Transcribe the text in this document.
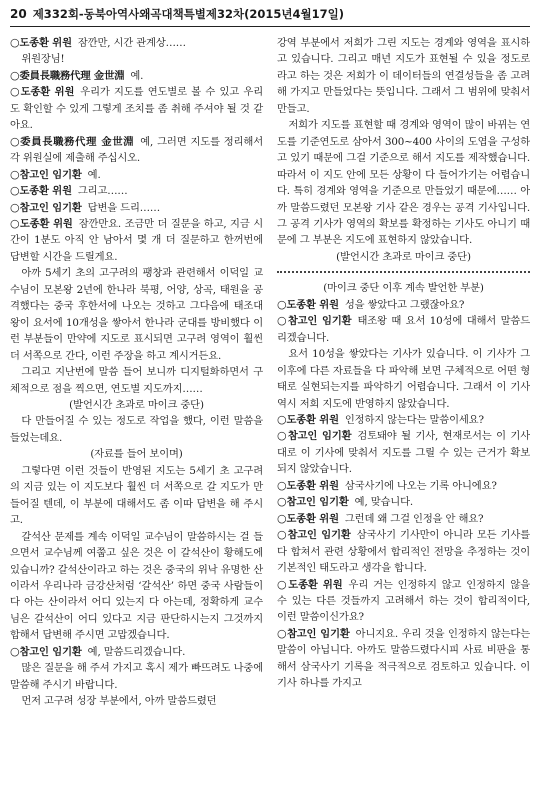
20 제332회-동북아역사왜곡대책특별제32차(2015년4월17일)

○도종환 위원 잠깐만, 시간 관계상……

위원장님!

○委員長職務代理 金世淵 예.

○도종환 위원 우리가 지도를 연도별로 볼 수 있고 우리도 확인할 수 있게 그렇게 조치를 좀 취해 주셔야 될 것 같아요.

○委員長職務代理 金世淵 예, 그러면 지도를 정리해서 각 위원실에 제출해 주십시오.

○참고인 임기환 예.

○도종환 위원 그리고……

○참고인 임기환 답변을 드리……

○도종환 위원 잠깐만요. 조금만 더 질문을 하고, 지금 시간이 1분도 아직 안 남아서 몇 개 더 질문하고 한꺼번에 답변할 시간을 드릴게요.

아까 5세기 초의 고구려의 팽창과 관련해서 이덕일 교수님이 모본왕 2년에 한나라 북평, 어양, 상곡, 태원을 공격했다는 중국 후한서에 나오는 것하고 그다음에 태조대왕이 요서에 10개성을 쌓아서 한나라 군대를 방비했다 이런 부분들이 만약에 지도로 표시되면 고구려 영역이 훨씬 더 서쪽으로 간다, 이런 주장을 하고 계시거든요.

그리고 지난번에 말씀 들어 보니까 디지털화하면서 구체적으로 점을 찍으면, 연도별 지도까지……

(발언시간 초과로 마이크 중단)

다 만들어질 수 있는 정도로 작업을 했다, 이런 말씀을 들었는데요.

(자료를 들어 보이며)

그렇다면 이런 것들이 반영된 지도는 5세기 초 고구려의 지금 있는 이 지도보다 훨씬 더 서쪽으로 갈 지도가 만들어질 텐데, 이 부분에 대해서도 좀 이따 답변을 해 주시고.

갈석산 문제를 계속 이덕일 교수님이 말씀하시는 걸 들으면서 교수님께 여쭙고 싶은 것은 이 갈석산이 황해도에 있습니까? 갈석산이라고 하는 것은 중국의 위낙 유명한 산이라서 우리나라 금강산처럼 ‘갈석산’ 하면 중국 사람들이 다 아는 산이라서 어디 있는지 다 아는데, 정확하게 교수님은 갈석산이 어디 있다고 지금 판단하시는지 그것까지 합해서 답변해 주시면 고맙겠습니다.

○참고인 임기환 예, 말씀드리겠습니다.

많은 질문을 해 주셔 가지고 혹시 제가 빠뜨려도 나중에 말씀해 주시기 바랍니다.

먼저 고구려 성장 부분에서, 아까 말씀드렸던

강역 부분에서 저희가 그린 지도는 경계와 영역을 표시하고 있습니다. 그리고 매년 지도가 표현될 수 있을 정도로라고 하는 것은 저희가 이 데이터들의 연결성들을 좀 고려해 가지고 만들었다는 뜻입니다. 그래서 그 범위에 맞춰서 만들고.

저희가 지도를 표현할 때 경계와 영역이 많이 바뀌는 연도를 기준연도로 삼아서 300~400 사이의 도엽을 구성하고 있기 때문에 그걸 기준으로 해서 지도를 제작했습니다. 따라서 이 지도 안에 모든 상황이 다 들어가기는 어렵습니다. 특히 경계와 영역을 기준으로 만들었기 때문에…… 아까 말씀드렸던 모본왕 기사 같은 경우는 공격 기사입니다. 그 공격 기사가 영역의 확보를 확정하는 기사도 아니기 때문에 그 부분은 지도에 표현하지 않았습니다.

(발언시간 초과로 마이크 중단)

(마이크 중단 이후 계속 발언한 부분)

○도종환 위원 성을 쌓았다고 그랬잖아요?

○참고인 임기환 태조왕 때 요서 10성에 대해서 말씀드리겠습니다.

요서 10성을 쌓았다는 기사가 있습니다. 이 기사가 그 이후에 다른 자료들을 다 파악해 보면 구체적으로 어떤 형태로 실현되는지를 파악하기 어렵습니다. 그래서 이 기사 역시 저희 지도에 반영하지 않았습니다.

○도종환 위원 인정하지 않는다는 말씀이세요?

○참고인 임기환 검토돼야 될 기사, 현재로서는 이 기사대로 이 기사에 맞춰서 지도를 그릴 수 있는 근거가 확보되지 않았습니다.

○도종환 위원 삼국사기에 나오는 기록 아니에요?

○참고인 임기환 예, 맞습니다.

○도종환 위원 그런데 왜 그걸 인정을 안 해요?

○참고인 임기환 삼국사기 기사만이 아니라 모든 기사를 다 합쳐서 관련 상황에서 합리적인 전망을 추정하는 것이 기본적인 태도라고 생각을 합니다.

○도종환 위원 우리 거는 인정하지 않고 인정하지 않을 수 있는 다른 것들까지 고려해서 하는 것이 합리적이다, 이런 말씀이신가요?

○참고인 임기환 아니지요. 우리 것을 인정하지 않는다는 말씀이 아닙니다. 아까도 말씀드렸다시피 사료 비판을 통해서 삼국사기 기록을 적극적으로 검토하고 있습니다. 이 기사 하나를 가지고
